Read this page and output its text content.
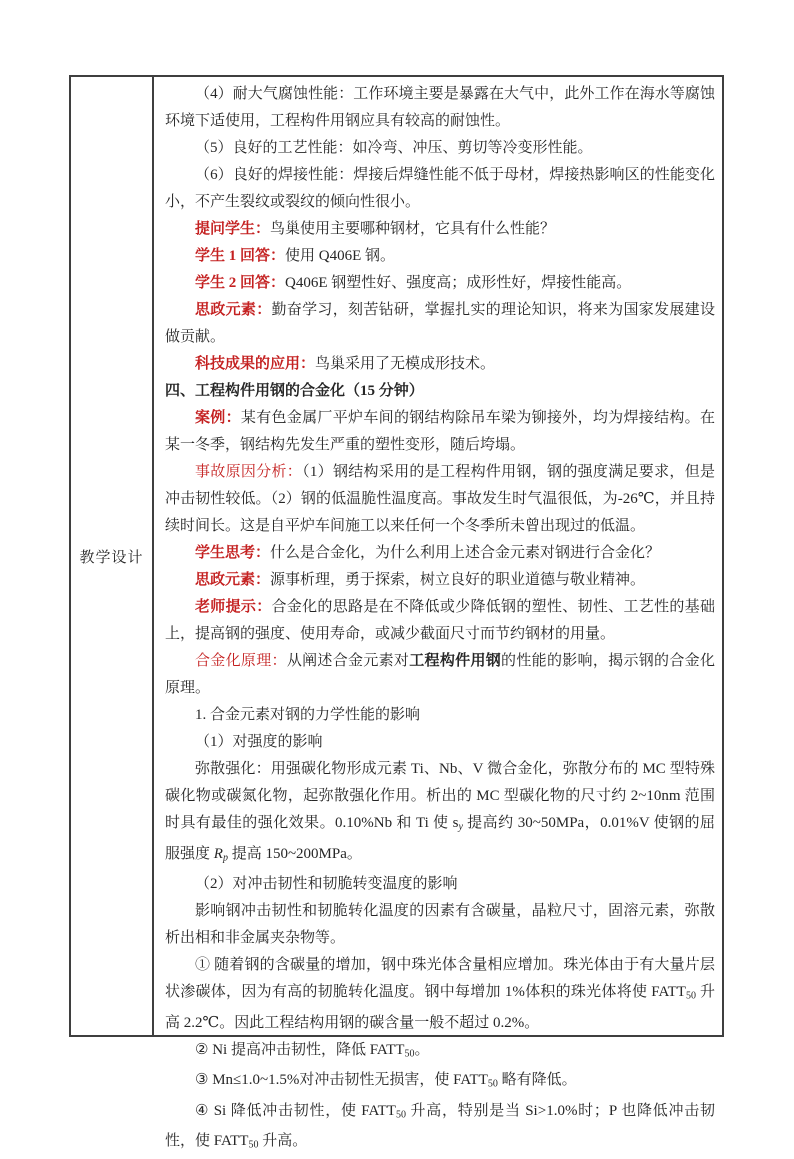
教学设计

（4）耐大气腐蚀性能：工作环境主要是暴露在大气中，此外工作在海水等腐蚀环境下适使用，工程构件用钢应具有较高的耐蚀性。

（5）良好的工艺性能：如冷弯、冲压、剪切等冷变形性能。

（6）良好的焊接性能：焊接后焊缝性能不低于母材，焊接热影响区的性能变化小，不产生裂纹或裂纹的倾向性很小。

提问学生：鸟巢使用主要哪种钢材，它具有什么性能？

学生 1 回答：使用 Q406E 钢。

学生 2 回答：Q406E 钢塑性好、强度高；成形性好，焊接性能高。

思政元素：勤奋学习，刻苦钻研，掌握扎实的理论知识，将来为国家发展建设做贡献。

科技成果的应用：鸟巢采用了无模成形技术。

四、工程构件用钢的合金化（15 分钟）

案例：某有色金属厂平炉车间的钢结构除吊车梁为铆接外，均为焊接结构。在某一冬季，钢结构先发生严重的塑性变形，随后垮塌。

事故原因分析：（1）钢结构采用的是工程构件用钢，钢的强度满足要求，但是冲击韧性较低。（2）钢的低温脆性温度高。事故发生时气温很低，为-26℃，并且持续时间长。这是自平炉车间施工以来任何一个冬季所未曾出现过的低温。

学生思考：什么是合金化，为什么利用上述合金元素对钢进行合金化？

思政元素：源事析理，勇于探索，树立良好的职业道德与敬业精神。

老师提示：合金化的思路是在不降低或少降低钢的塑性、韧性、工艺性的基础上，提高钢的强度、使用寿命，或减少截面尺寸而节约钢材的用量。

合金化原理：从阐述合金元素对工程构件用钢的性能的影响，揭示钢的合金化原理。

1. 合金元素对钢的力学性能的影响

（1）对强度的影响

弥散强化：用强碳化物形成元素 Ti、Nb、V 微合金化，弥散分布的 MC 型特殊碳化物或碳氮化物，起弥散强化作用。析出的 MC 型碳化物的尺寸约 2~10nm 范围时具有最佳的强化效果。0.10%Nb 和 Ti 使 sy 提高约 30~50MPa，0.01%V 使钢的屈服强度 Rp 提高 150~200MPa。

（2）对冲击韧性和韧脆转变温度的影响

影响钢冲击韧性和韧脆转化温度的因素有含碳量，晶粒尺寸，固溶元素，弥散析出相和非金属夹杂物等。

① 随着钢的含碳量的增加，钢中珠光体含量相应增加。珠光体由于有大量片层状渗碳体，因为有高的韧脆转化温度。钢中每增加 1%体积的珠光体将使 FATT50 升高 2.2℃。因此工程结构用钢的碳含量一般不超过 0.2%。

② Ni 提高冲击韧性，降低 FATT50。

③ Mn≤1.0~1.5%对冲击韧性无损害，使 FATT50 略有降低。

④ Si 降低冲击韧性，使 FATT50 升高，特别是当 Si>1.0%时；P 也降低冲击韧性，使 FATT50 升高。
